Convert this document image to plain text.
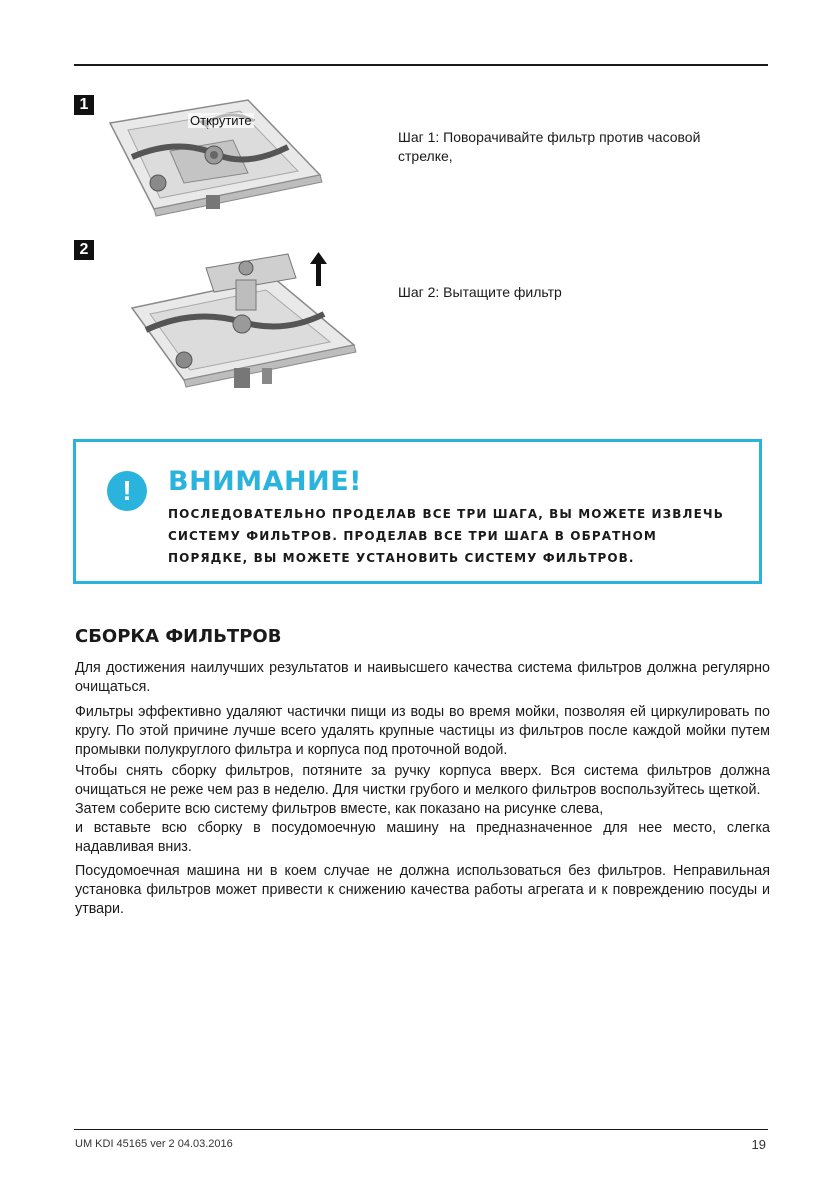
1
Открутите
Шаг 1: Поворачивайте фильтр против часовой стрелке,
2
Шаг 2: Вытащите фильтр
!	ВНИМАНИЕ!
ПОСЛЕДОВАТЕЛЬНО ПРОДЕЛАВ ВСЕ ТРИ ШАГА, ВЫ МОЖЕТЕ ИЗВЛЕЧЬ СИСТЕМУ ФИЛЬТРОВ. ПРОДЕЛАВ ВСЕ ТРИ ШАГА В ОБРАТНОМ ПОРЯДКЕ, ВЫ МОЖЕТЕ УСТАНОВИТЬ СИСТЕМУ ФИЛЬТРОВ.
СБОРКА ФИЛЬТРОВ
Для достижения наилучших результатов и наивысшего качества система фильтров должна регулярно очищаться.
Фильтры эффективно удаляют частички пищи из воды во время мойки, позволяя ей циркулировать по кругу. По этой причине лучше всего удалять крупные частицы из фильтров после каждой мойки путем промывки полукруглого фильтра и корпуса под проточной водой.
Чтобы снять сборку фильтров, потяните за ручку корпуса вверх. Вся система фильтров должна очищаться не реже чем раз в неделю. Для чистки грубого и мелкого фильтров воспользуйтесь щеткой.
Затем соберите всю систему фильтров вместе, как показано на рисунке слева,
и вставьте всю сборку в посудомоечную машину на предназначенное для нее место, слегка надавливая вниз.
Посудомоечная машина ни в коем случае не должна использоваться без фильтров. Неправильная установка фильтров может привести к снижению качества работы агрегата и к повреждению посуды и утвари.
UM KDI 45165 ver 2 04.03.2016	19
